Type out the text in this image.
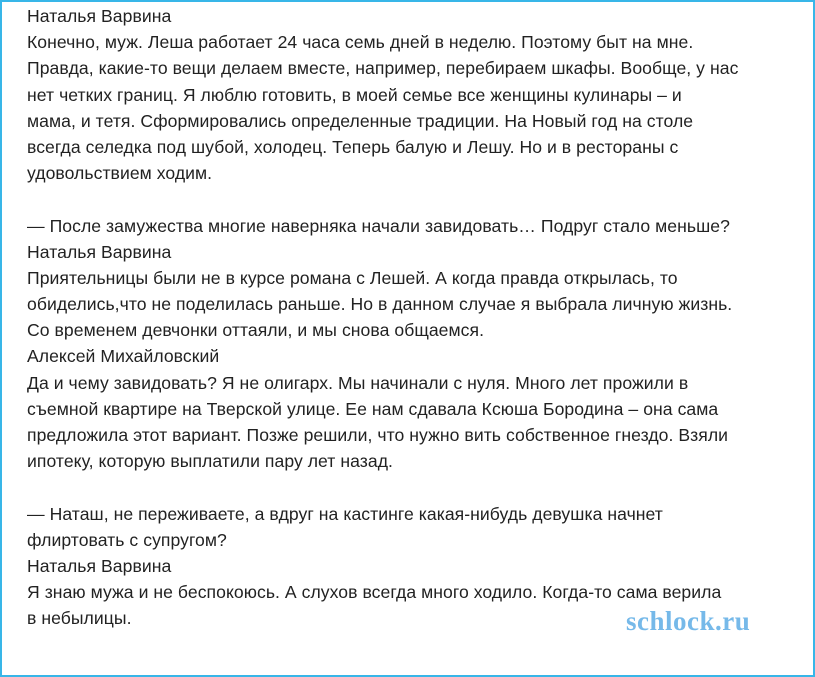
Наталья Варвина
Конечно, муж. Леша работает 24 часа семь дней в неделю. Поэтому быт на мне.
Правда, какие-то вещи делаем вместе, например, перебираем шкафы. Вообще, у нас
нет четких границ. Я люблю готовить, в моей семье все женщины кулинары – и
мама, и тетя. Сформировались определенные традиции. На Новый год на столе
всегда селедка под шубой, холодец. Теперь балую и Лешу. Но и в рестораны с
удовольствием ходим.
— После замужества многие наверняка начали завидовать… Подруг стало меньше?
Наталья Варвина
Приятельницы были не в курсе романа с Лешей. А когда правда открылась, то
обиделись,что не поделилась раньше. Но в данном случае я выбрала личную жизнь.
Со временем девчонки оттаяли, и мы снова общаемся.
Алексей Михайловский
Да и чему завидовать? Я не олигарх. Мы начинали с нуля. Много лет прожили в
съемной квартире на Тверской улице. Ее нам сдавала Ксюша Бородина – она сама
предложила этот вариант. Позже решили, что нужно вить собственное гнездо. Взяли
ипотеку, которую выплатили пару лет назад.
— Наташ, не переживаете, а вдруг на кастинге какая-нибудь девушка начнет
флиртовать с супругом?
Наталья Варвина
Я знаю мужа и не беспокоюсь. А слухов всегда много ходило. Когда-то сама верила
в небылицы.	schlock.ru
